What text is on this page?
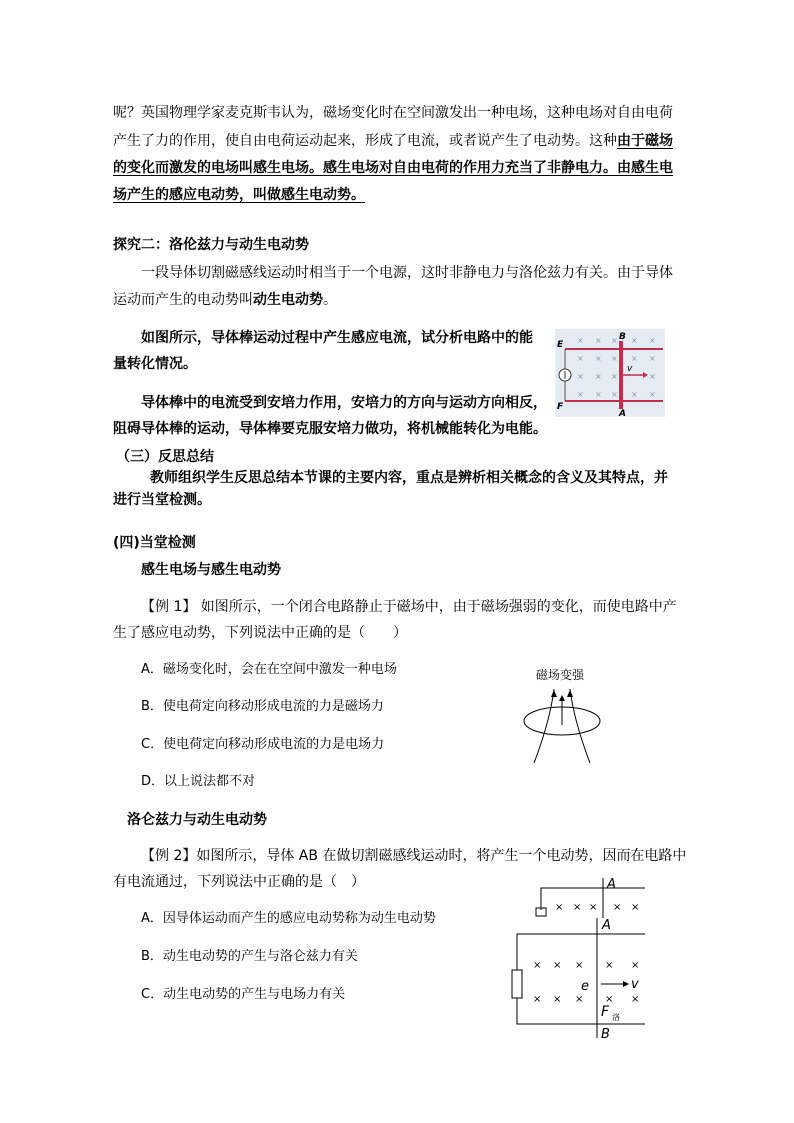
呢？英国物理学家麦克斯韦认为，磁场变化时在空间激发出一种电场，这种电场对自由电荷
产生了力的作用，使自由电荷运动起来，形成了电流，或者说产生了电动势。这种由于磁场
的变化而激发的电场叫感生电场。感生电场对自由电荷的作用力充当了非静电力。由感生电
场产生的感应电动势，叫做感生电动势。
探究二：洛伦兹力与动生电动势
一段导体切割磁感线运动时相当于一个电源，这时非静电力与洛伦兹力有关。由于导体
运动而产生的电动势叫动生电动势。
如图所示，导体棒运动过程中产生感应电流，试分析电路中的能
量转化情况。
导体棒中的电流受到安培力作用，安培力的方向与运动方向相反，
阻碍导体棒的运动，导体棒要克服安培力做功，将机械能转化为电能。
× × × × ×
× × × × ×
× × ×	×
× × × × ×
v
E
F
B
A
（三）反思总结
教师组织学生反思总结本节课的主要内容，重点是辨析相关概念的含义及其特点，并
进行当堂检测。
(四)当堂检测
感生电场与感生电动势
【例 1】 如图所示，一个闭合电路静止于磁场中，由于磁场强弱的变化，而使电路中产
生了感应电动势，下列说法中正确的是（　　）
A．磁场变化时，会在在空间中激发一种电场
B．使电荷定向移动形成电流的力是磁场力
C．使电荷定向移动形成电流的力是电场力
D．以上说法都不对
磁场变强
洛仑兹力与动生电动势
【例 2】如图所示，导体 AB 在做切割磁感线运动时，将产生一个电动势，因而在电路中
有电流通过，下列说法中正确的是（　）
A．因导体运动而产生的感应电动势称为动生电动势
B．动生电动势的产生与洛仑兹力有关
C．动生电动势的产生与电场力有关
× × × × ×
A
× × × × ×
× × × × ×
A
v
e
F 洛
B
